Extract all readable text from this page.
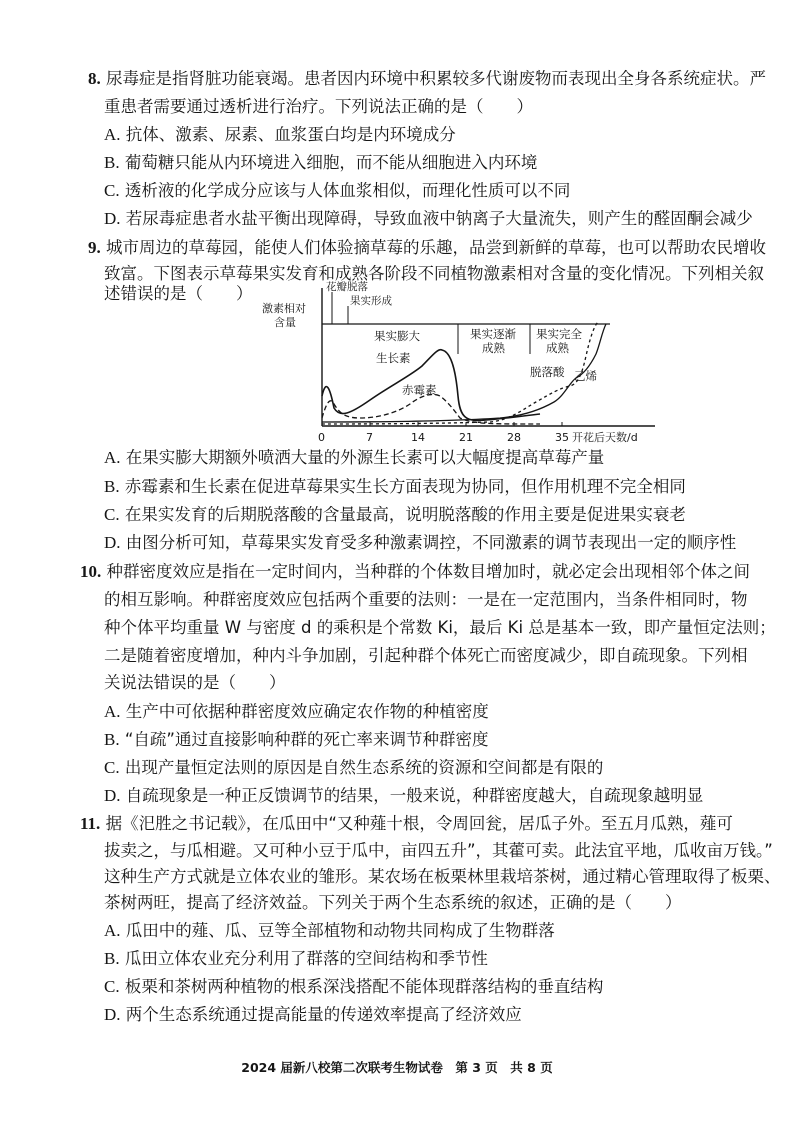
8. 尿毒症是指肾脏功能衰竭。患者因内环境中积累较多代谢废物而表现出全身各系统症状。严
重患者需要通过透析进行治疗。下列说法正确的是（　　）
A. 抗体、激素、尿素、血浆蛋白均是内环境成分
B. 葡萄糖只能从内环境进入细胞，而不能从细胞进入内环境
C. 透析液的化学成分应该与人体血浆相似，而理化性质可以不同
D. 若尿毒症患者水盐平衡出现障碍，导致血液中钠离子大量流失，则产生的醛固酮会减少
9. 城市周边的草莓园，能使人们体验摘草莓的乐趣，品尝到新鲜的草莓，也可以帮助农民增收
致富。下图表示草莓果实发育和成熟各阶段不同植物激素相对含量的变化情况。下列相关叙
述错误的是（　　）
激素相对
含量
花瓣脱落
果实形成
果实膨大	果实逐渐
成熟
果实完全
成熟
生长素
赤霉素
脱落酸 乙烯
0	7	14	21	28	35 开花后天数/d
A. 在果实膨大期额外喷洒大量的外源生长素可以大幅度提高草莓产量
B. 赤霉素和生长素在促进草莓果实生长方面表现为协同，但作用机理不完全相同
C. 在果实发育的后期脱落酸的含量最高，说明脱落酸的作用主要是促进果实衰老
D. 由图分析可知，草莓果实发育受多种激素调控，不同激素的调节表现出一定的顺序性
10. 种群密度效应是指在一定时间内，当种群的个体数目增加时，就必定会出现相邻个体之间
的相互影响。种群密度效应包括两个重要的法则：一是在一定范围内，当条件相同时，物
种个体平均重量 W 与密度 d 的乘积是个常数 Ki，最后 Ki 总是基本一致，即产量恒定法则；
二是随着密度增加，种内斗争加剧，引起种群个体死亡而密度减少，即自疏现象。下列相
关说法错误的是（　　）
A. 生产中可依据种群密度效应确定农作物的种植密度
B. “自疏”通过直接影响种群的死亡率来调节种群密度
C. 出现产量恒定法则的原因是自然生态系统的资源和空间都是有限的
D. 自疏现象是一种正反馈调节的结果，一般来说，种群密度越大，自疏现象越明显
11. 据《汜胜之书记载》，在瓜田中“又种薤十根，令周回瓮，居瓜子外。至五月瓜熟，薤可
拔卖之，与瓜相避。又可种小豆于瓜中，亩四五升”，其藿可卖。此法宜平地，瓜收亩万钱。”
这种生产方式就是立体农业的雏形。某农场在板栗林里栽培茶树，通过精心管理取得了板栗、
茶树两旺，提高了经济效益。下列关于两个生态系统的叙述，正确的是（　　）
A. 瓜田中的薤、瓜、豆等全部植物和动物共同构成了生物群落
B. 瓜田立体农业充分利用了群落的空间结构和季节性
C. 板栗和茶树两种植物的根系深浅搭配不能体现群落结构的垂直结构
D. 两个生态系统通过提高能量的传递效率提高了经济效应
2024 届新八校第二次联考生物试卷　第 3 页　共 8 页
